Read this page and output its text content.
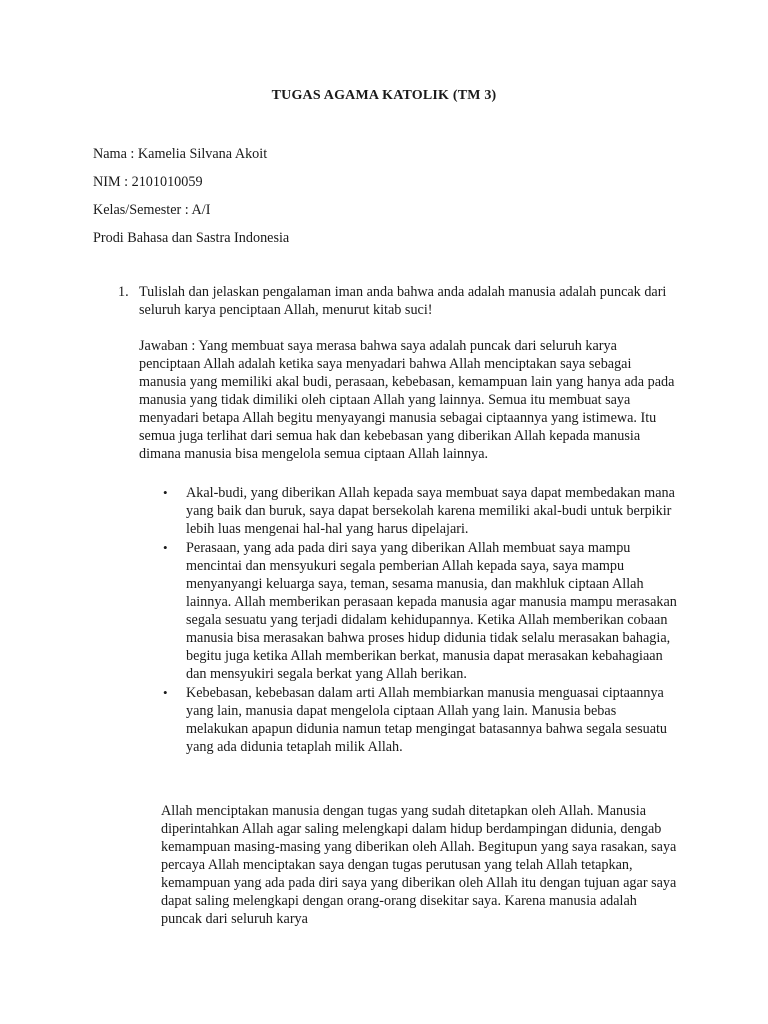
TUGAS AGAMA KATOLIK (TM 3)
Nama : Kamelia Silvana Akoit
NIM : 2101010059
Kelas/Semester : A/I
Prodi Bahasa dan Sastra Indonesia
1. Tulislah dan jelaskan pengalaman iman anda bahwa anda adalah manusia adalah puncak dari seluruh karya penciptaan Allah, menurut kitab suci!

Jawaban : Yang membuat saya merasa bahwa saya adalah puncak dari seluruh karya penciptaan Allah adalah ketika saya menyadari bahwa Allah menciptakan saya sebagai manusia yang memiliki akal budi, perasaan, kebebasan, kemampuan lain yang hanya ada pada manusia yang tidak dimiliki oleh ciptaan Allah yang lainnya. Semua itu membuat saya menyadari betapa Allah begitu menyayangi manusia sebagai ciptaannya yang istimewa. Itu semua juga terlihat dari semua hak dan kebebasan yang diberikan Allah kepada manusia dimana manusia bisa mengelola semua ciptaan Allah lainnya.

• Akal-budi, yang diberikan Allah kepada saya membuat saya dapat membedakan mana yang baik dan buruk, saya dapat bersekolah karena memiliki akal-budi untuk berpikir lebih luas mengenai hal-hal yang harus dipelajari.
• Perasaan, yang ada pada diri saya yang diberikan Allah membuat saya mampu mencintai dan mensyukuri segala pemberian Allah kepada saya, saya mampu menyanyangi keluarga saya, teman, sesama manusia, dan makhluk ciptaan Allah lainnya. Allah memberikan perasaan kepada manusia agar manusia mampu merasakan segala sesuatu yang terjadi didalam kehidupannya. Ketika Allah memberikan cobaan manusia bisa merasakan bahwa proses hidup didunia tidak selalu merasakan bahagia, begitu juga ketika Allah memberikan berkat, manusia dapat merasakan kebahagiaan dan mensyukiri segala berkat yang Allah berikan.
• Kebebasan, kebebasan dalam arti Allah membiarkan manusia menguasai ciptaannya yang lain, manusia dapat mengelola ciptaan Allah yang lain. Manusia bebas melakukan apapun didunia namun tetap mengingat batasannya bahwa segala sesuatu yang ada didunia tetaplah milik Allah.

Allah menciptakan manusia dengan tugas yang sudah ditetapkan oleh Allah. Manusia diperintahkan Allah agar saling melengkapi dalam hidup berdampingan didunia, dengab kemampuan masing-masing yang diberikan oleh Allah. Begitupun yang saya rasakan, saya percaya Allah menciptakan saya dengan tugas perutusan yang telah Allah tetapkan, kemampuan yang ada pada diri saya yang diberikan oleh Allah itu dengan tujuan agar saya dapat saling melengkapi dengan orang-orang disekitar saya. Karena manusia adalah puncak dari seluruh karya
